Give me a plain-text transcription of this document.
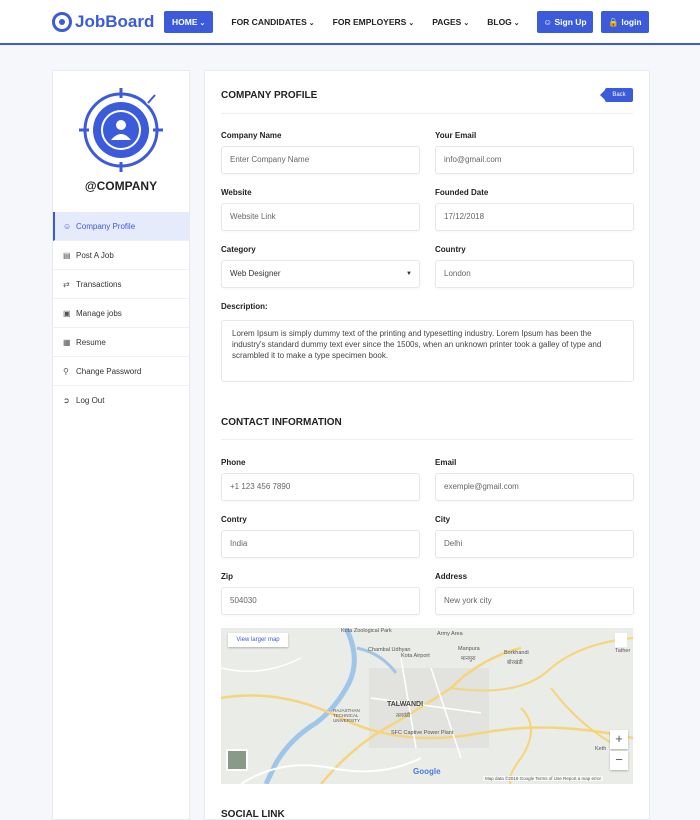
JobBoard	HOME ⌄	FOR CANDIDATES ⌄ FOR EMPLOYERS ⌄ PAGES ⌄ BLOG ⌄	☺ Sign Up	🔒 login
@COMPANY
☺ Company Profile
▤ Post A Job
⇄ Transactions
▣ Manage jobs
▦ Resume
⚲ Change Password
➲ Log Out
COMPANY PROFILE	Back
Company Name
Enter Company Name
Your Email
info@gmail.com
Website
Website Link
Founded Date
17/12/2018
Category
Web Designer	▼
Country
London
Description:
Lorem Ipsum is simply dummy text of the printing and typesetting industry. Lorem Ipsum has been the industry's standard dummy text ever since the 1500s, when an unknown printer took a galley of type and scrambled it to make a type specimen book.
CONTACT INFORMATION
Phone
+1 123 456 7890
Email
exemple@gmail.com
Contry
India
City
Delhi
Zip
504030
Address
New york city
View larger map
Kota Zoological Park	Army Area
Chambal Udhyan
Kota Airport
Manpura
मानपुरा
Borkhandi
बोरखंडी
Tather
RAJASTHAN TECHNICAL UNIVERSITY
TALWANDI
तलवंडी
SFC Captive Power Plant
Keth
+
−
Google
Map data ©2018 Google Terms of Use Report a map error
SOCIAL LINK
